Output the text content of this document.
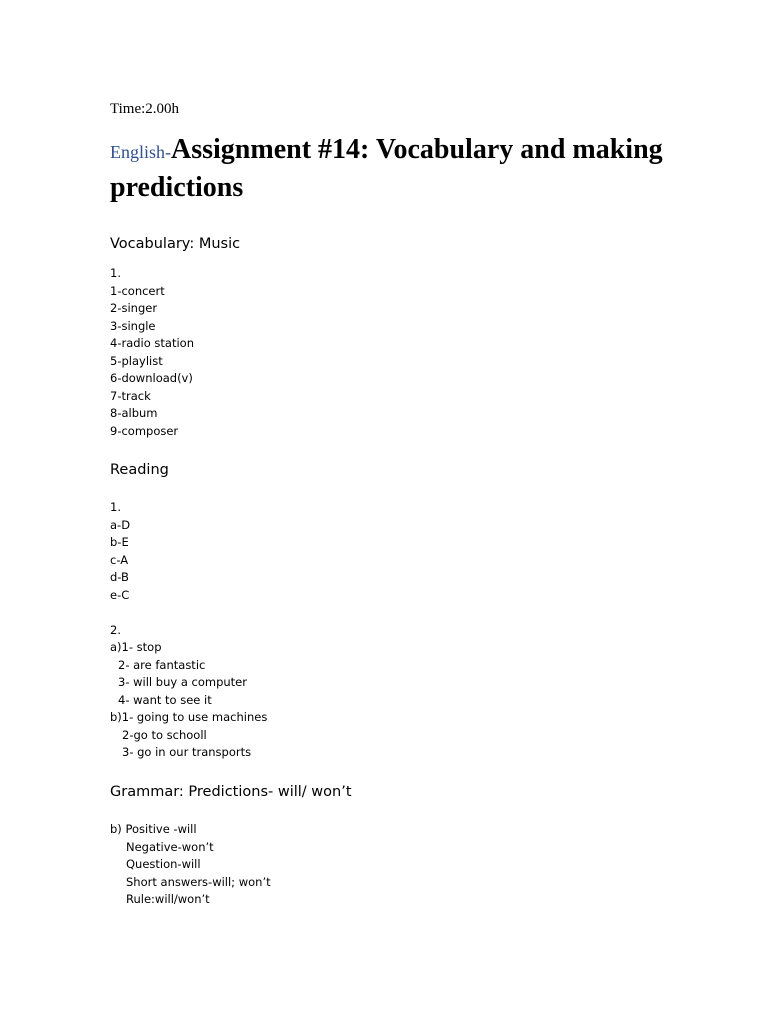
Time:2.00h

English-Assignment #14: Vocabulary and making predictions
Vocabulary: Music
1.
1-concert
2-singer
3-single
4-radio station
5-playlist
6-download(v)
7-track
8-album
9-composer
Reading
1.
a-D
b-E
c-A
d-B
e-C
2.
a)1- stop
2- are fantastic
3- will buy a computer
4- want to see it
b)1- going to use machines
2-go to schooll
3- go in our transports
Grammar: Predictions- will/ won’t
b) Positive -will
Negative-won’t
Question-will
Short answers-will; won’t
Rule:will/won’t
